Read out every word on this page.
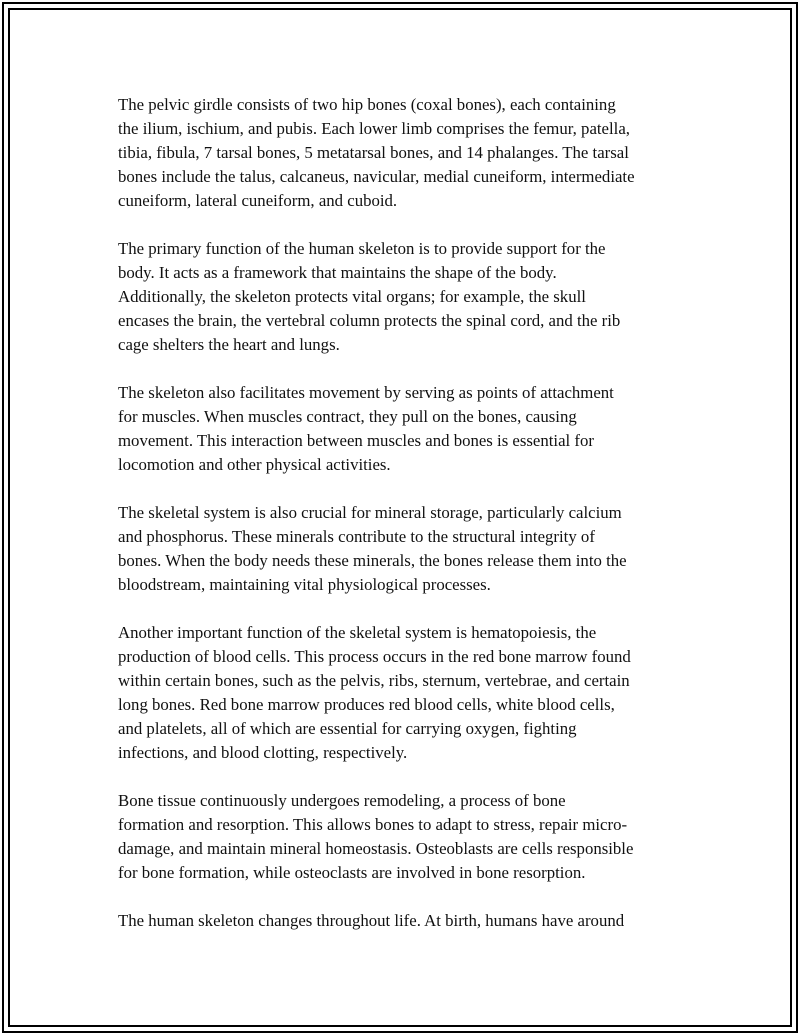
The pelvic girdle consists of two hip bones (coxal bones), each containing
the ilium, ischium, and pubis. Each lower limb comprises the femur, patella,
tibia, fibula, 7 tarsal bones, 5 metatarsal bones, and 14 phalanges. The tarsal
bones include the talus, calcaneus, navicular, medial cuneiform, intermediate
cuneiform, lateral cuneiform, and cuboid.

The primary function of the human skeleton is to provide support for the
body. It acts as a framework that maintains the shape of the body.
Additionally, the skeleton protects vital organs; for example, the skull
encases the brain, the vertebral column protects the spinal cord, and the rib
cage shelters the heart and lungs.

The skeleton also facilitates movement by serving as points of attachment
for muscles. When muscles contract, they pull on the bones, causing
movement. This interaction between muscles and bones is essential for
locomotion and other physical activities.

The skeletal system is also crucial for mineral storage, particularly calcium
and phosphorus. These minerals contribute to the structural integrity of
bones. When the body needs these minerals, the bones release them into the
bloodstream, maintaining vital physiological processes.

Another important function of the skeletal system is hematopoiesis, the
production of blood cells. This process occurs in the red bone marrow found
within certain bones, such as the pelvis, ribs, sternum, vertebrae, and certain
long bones. Red bone marrow produces red blood cells, white blood cells,
and platelets, all of which are essential for carrying oxygen, fighting
infections, and blood clotting, respectively.

Bone tissue continuously undergoes remodeling, a process of bone
formation and resorption. This allows bones to adapt to stress, repair micro-
damage, and maintain mineral homeostasis. Osteoblasts are cells responsible
for bone formation, while osteoclasts are involved in bone resorption.

The human skeleton changes throughout life. At birth, humans have around
